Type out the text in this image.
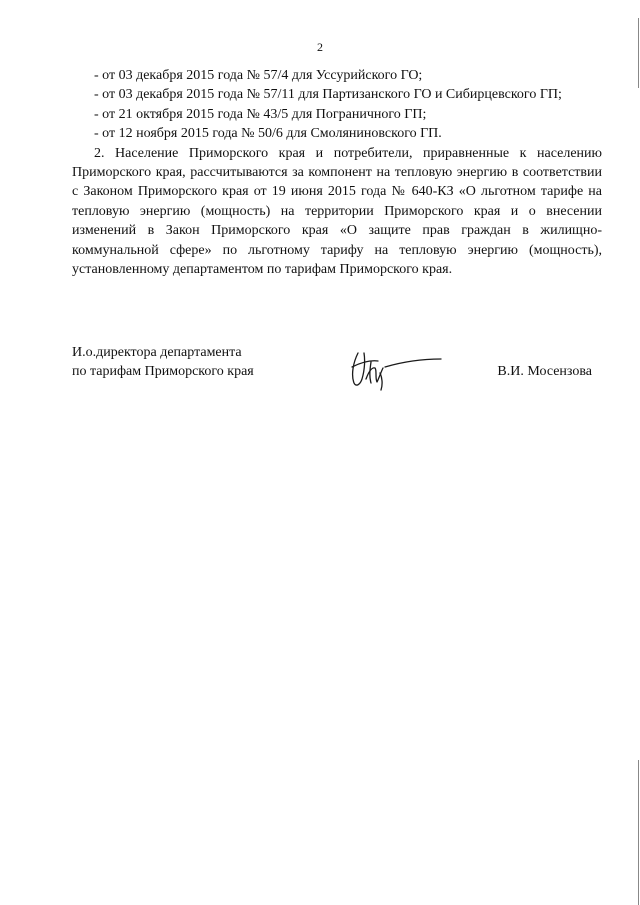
2

- от 03 декабря 2015 года № 57/4 для Уссурийского ГО;

- от 03 декабря 2015 года № 57/11 для Партизанского ГО и Сибирцевского ГП;

- от 21 октября 2015 года № 43/5 для Пограничного ГП;

- от 12 ноября 2015 года № 50/6 для Смоляниновского ГП.

2. Население Приморского края и потребители, приравненные к населению Приморского края, рассчитываются за компонент на тепловую энергию в соответствии с Законом Приморского края от 19 июня 2015 года № 640-КЗ «О льготном тарифе на тепловую энергию (мощность) на территории Приморского края и о внесении изменений в Закон Приморского края «О защите прав граждан в жилищно-коммунальной сфере» по льготному тарифу на тепловую энергию (мощность), установленному департаментом по тарифам Приморского края.

И.о.директора департамента
по тарифам Приморского края	В.И. Мосензова
